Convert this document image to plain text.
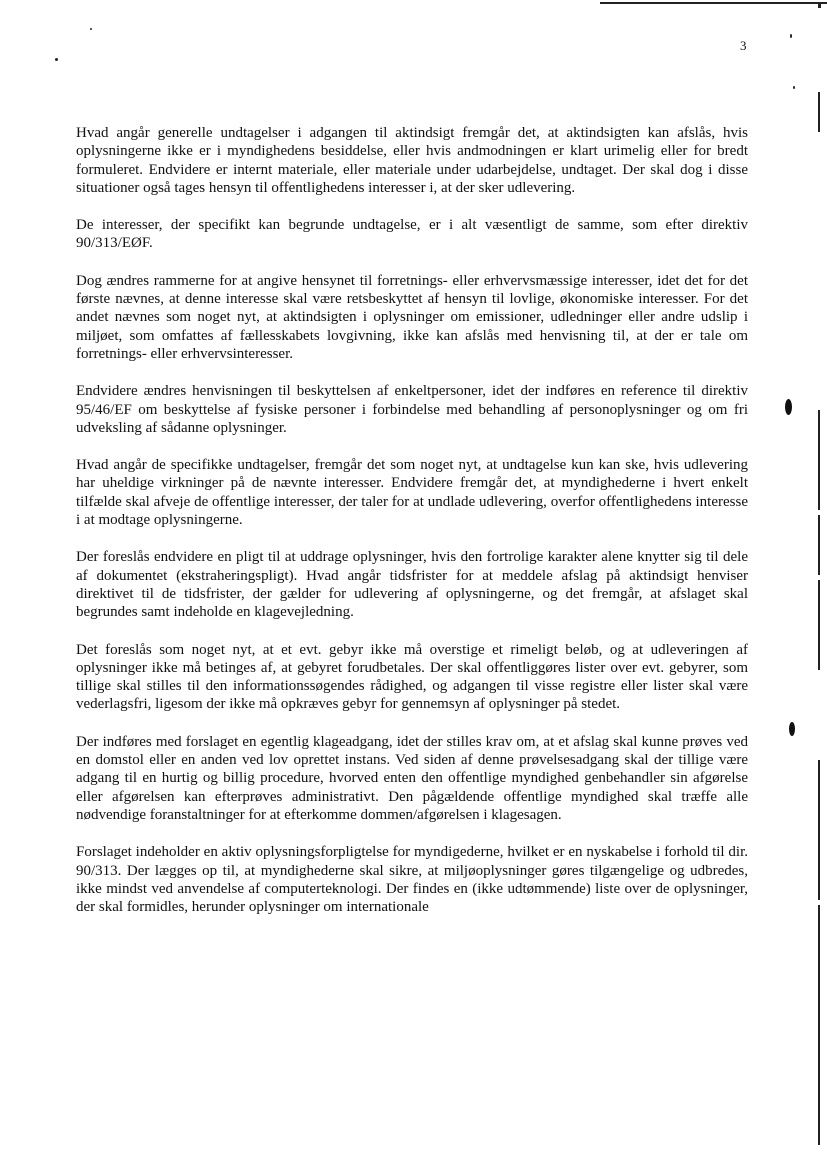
3

Hvad angår generelle undtagelser i adgangen til aktindsigt fremgår det, at aktindsigten kan afslås, hvis oplysningerne ikke er i myndighedens besiddelse, eller hvis andmodningen er klart urimelig eller for bredt formuleret. Endvidere er internt materiale, eller materiale under udarbejdelse, undtaget. Der skal dog i disse situationer også tages hensyn til offentlighedens interesser i, at der sker udlevering.

De interesser, der specifikt kan begrunde undtagelse, er i alt væsentligt de samme, som efter direktiv 90/313/EØF.

Dog ændres rammerne for at angive hensynet til forretnings- eller erhvervsmæssige interesser, idet det for det første nævnes, at denne interesse skal være retsbeskyttet af hensyn til lovlige, økonomiske interesser. For det andet nævnes som noget nyt, at aktindsigten i oplysninger om emissioner, udledninger eller andre udslip i miljøet, som omfattes af fællesskabets lovgivning, ikke kan afslås med henvisning til, at der er tale om forretnings- eller erhvervsinteresser.

Endvidere ændres henvisningen til beskyttelsen af enkeltpersoner, idet der indføres en reference til direktiv 95/46/EF om beskyttelse af fysiske personer i forbindelse med behandling af personoplysninger og om fri udveksling af sådanne oplysninger.

Hvad angår de specifikke undtagelser, fremgår det som noget nyt, at undtagelse kun kan ske, hvis udlevering har uheldige virkninger på de nævnte interesser. Endvidere fremgår det, at myndighederne i hvert enkelt tilfælde skal afveje de offentlige interesser, der taler for at undlade udlevering, overfor offentlighedens interesse i at modtage oplysningerne.

Der foreslås endvidere en pligt til at uddrage oplysninger, hvis den fortrolige karakter alene knytter sig til dele af dokumentet (ekstraheringspligt). Hvad angår tidsfrister for at meddele afslag på aktindsigt henviser direktivet til de tidsfrister, der gælder for udlevering af oplysningerne, og det fremgår, at afslaget skal begrundes samt indeholde en klagevejledning.

Det foreslås som noget nyt, at et evt. gebyr ikke må overstige et rimeligt beløb, og at udleveringen af oplysninger ikke må betinges af, at gebyret forudbetales. Der skal offentliggøres lister over evt. gebyrer, som tillige skal stilles til den informationssøgendes rådighed, og adgangen til visse registre eller lister skal være vederlagsfri, ligesom der ikke må opkræves gebyr for gennemsyn af oplysninger på stedet.

Der indføres med forslaget en egentlig klageadgang, idet der stilles krav om, at et afslag skal kunne prøves ved en domstol eller en anden ved lov oprettet instans. Ved siden af denne prøvelsesadgang skal der tillige være adgang til en hurtig og billig procedure, hvorved enten den offentlige myndighed genbehandler sin afgørelse eller afgørelsen kan efterprøves administrativt. Den pågældende offentlige myndighed skal træffe alle nødvendige foranstaltninger for at efterkomme dommen/afgørelsen i klagesagen.

Forslaget indeholder en aktiv oplysningsforpligtelse for myndigederne, hvilket er en nyskabelse i forhold til dir. 90/313. Der lægges op til, at myndighederne skal sikre, at miljøoplysninger gøres tilgængelige og udbredes, ikke mindst ved anvendelse af computerteknologi. Der findes en (ikke udtømmende) liste over de oplysninger, der skal formidles, herunder oplysninger om internationale
